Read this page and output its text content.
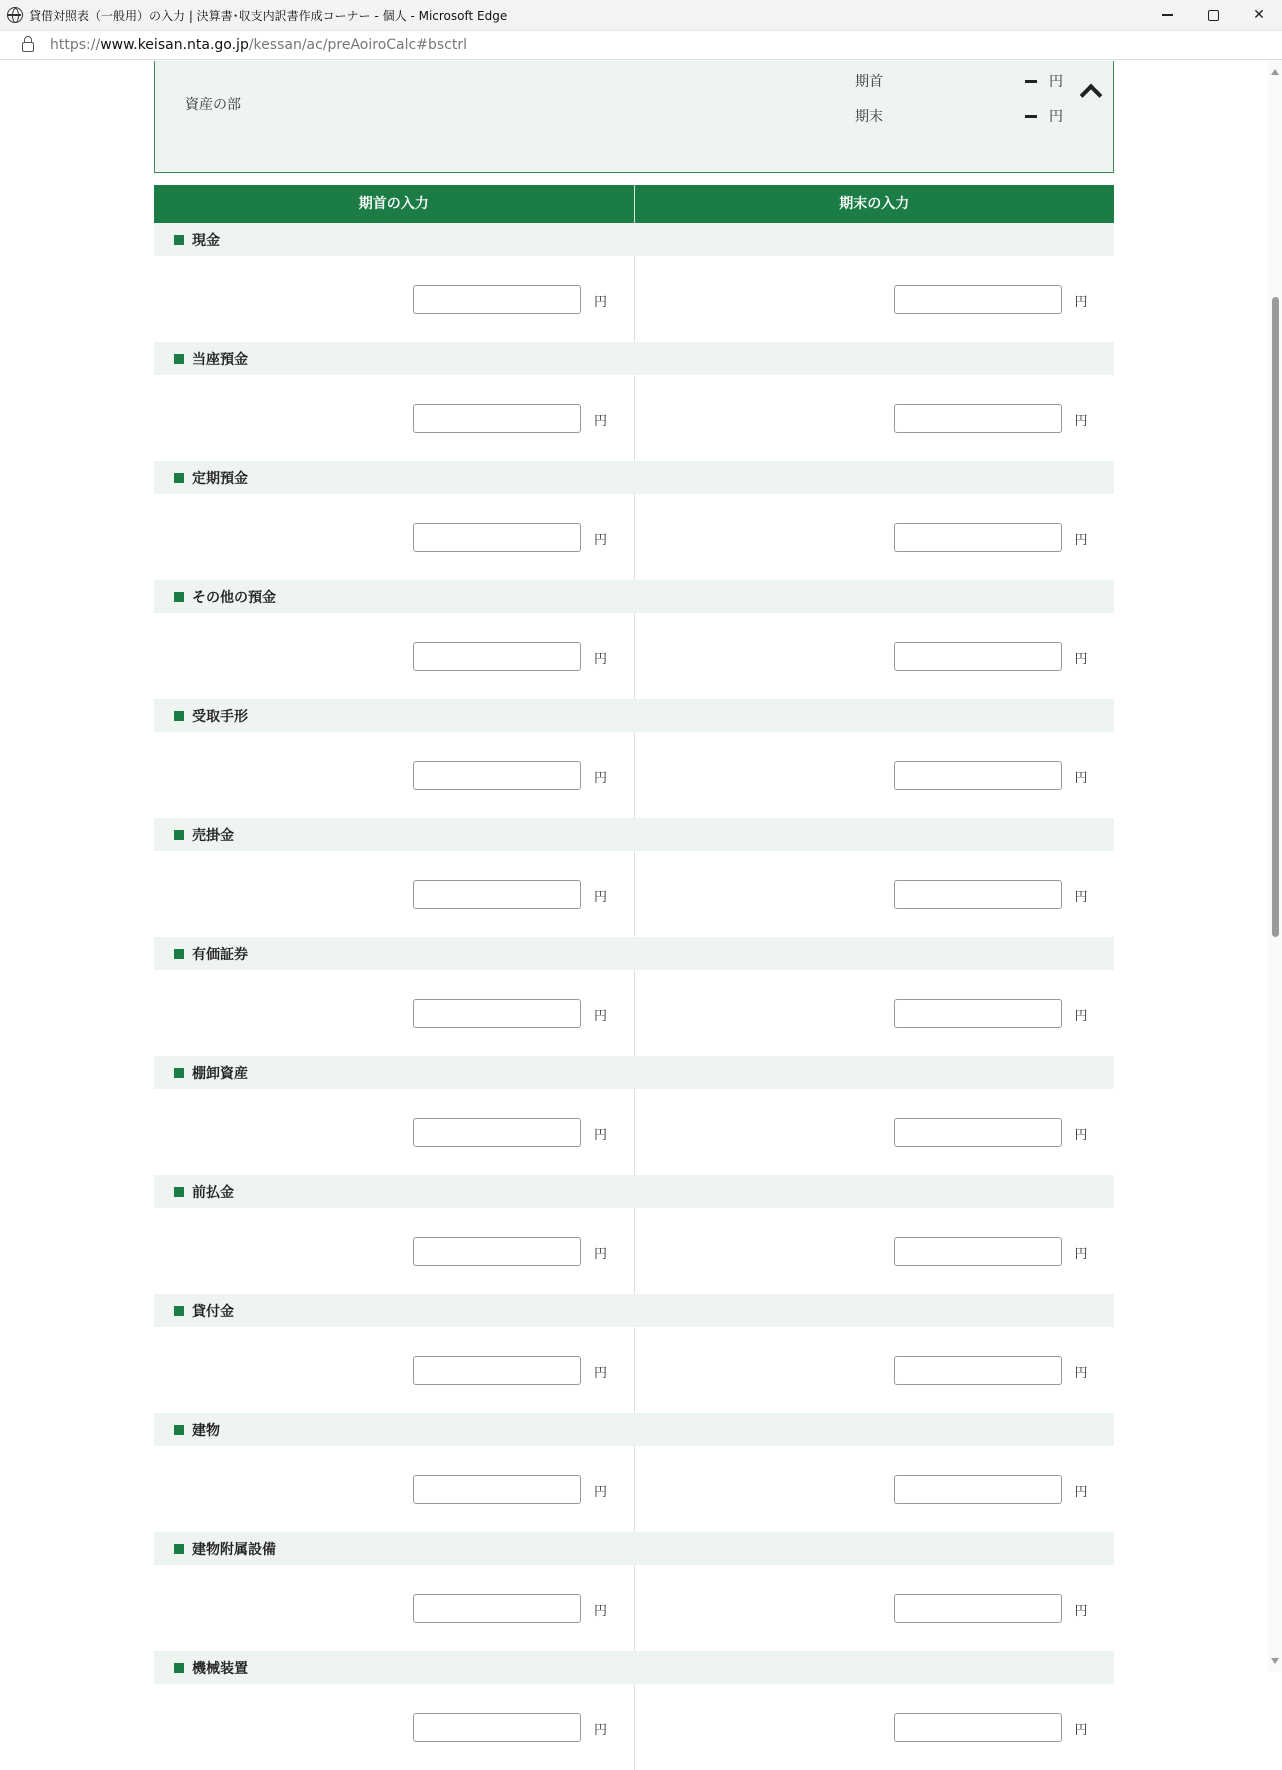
貸借対照表（一般用）の入力 | 決算書･収支内訳書作成コーナー - 個人 - Microsoft Edge	✕
https://www.keisan.nta.go.jp/kessan/ac/preAoiroCalc#bsctrl
資産の部
期首	円
期末	円
期首の入力	期末の入力
現金
円	円
当座預金
円	円
定期預金
円	円
その他の預金
円	円
受取手形
円	円
売掛金
円	円
有価証券
円	円
棚卸資産
円	円
前払金
円	円
貸付金
円	円
建物
円	円
建物附属設備
円	円
機械装置
円	円
